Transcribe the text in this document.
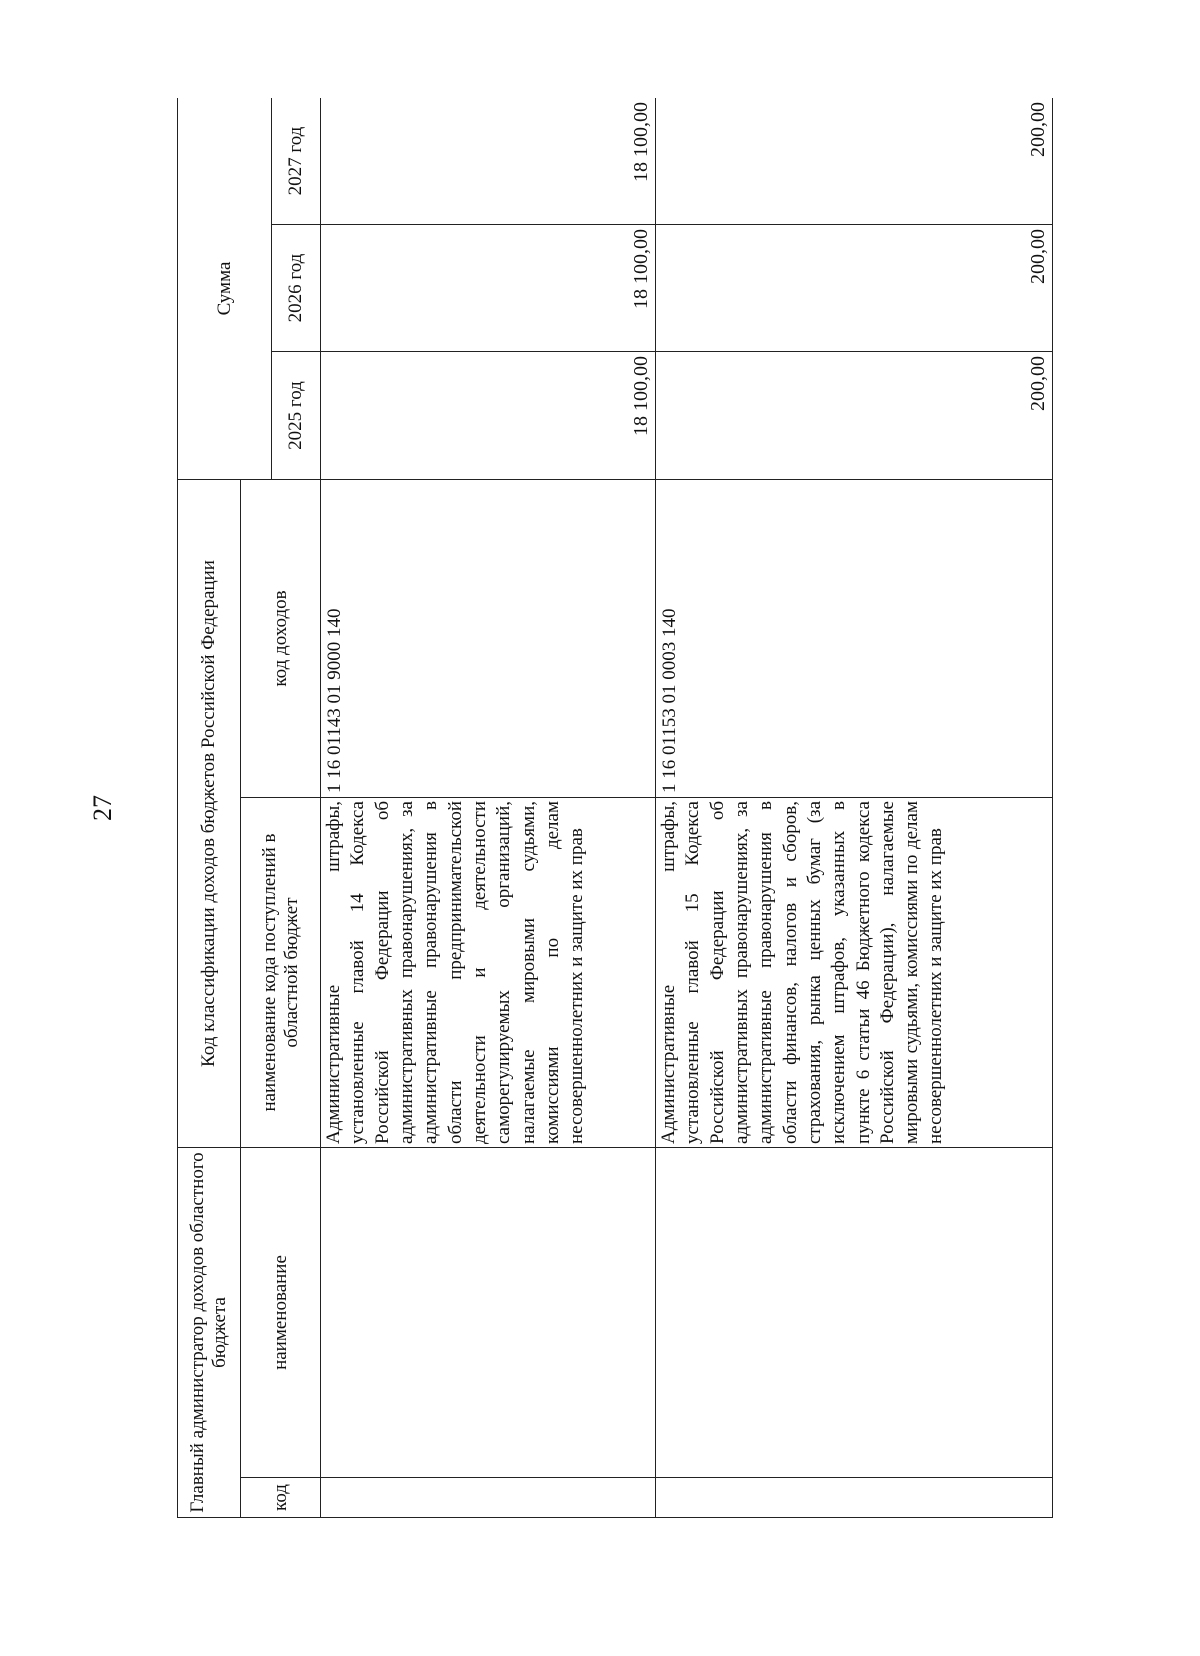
27
Главный администратор доходов областного бюджета		Код классификации доходов бюджетов Российской Федерации		Сумма		
код	наименование	наименование кода поступлений в областной бюджет	код доходов			
				2025 год	2026 год	2027 год
		Административные штрафы, установленные главой 14 Кодекса Российской Федерации об административных правонарушениях, за административные правонарушения в области предпринимательской деятельности и деятельности саморегулируемых организаций, налагаемые мировыми судьями, комиссиями по делам несовершеннолетних и защите их прав	1 16 01143 01 9000 140	18 100,00	18 100,00	18 100,00
		Административные штрафы, установленные главой 15 Кодекса Российской Федерации об административных правонарушениях, за административные правонарушения в области финансов, налогов и сборов, страхования, рынка ценных бумаг (за исключением штрафов, указанных в пункте 6 статьи 46 Бюджетного кодекса Российской Федерации), налагаемые мировыми судьями, комиссиями по делам несовершеннолетних и защите их прав	1 16 01153 01 0003 140	200,00	200,00	200,00
